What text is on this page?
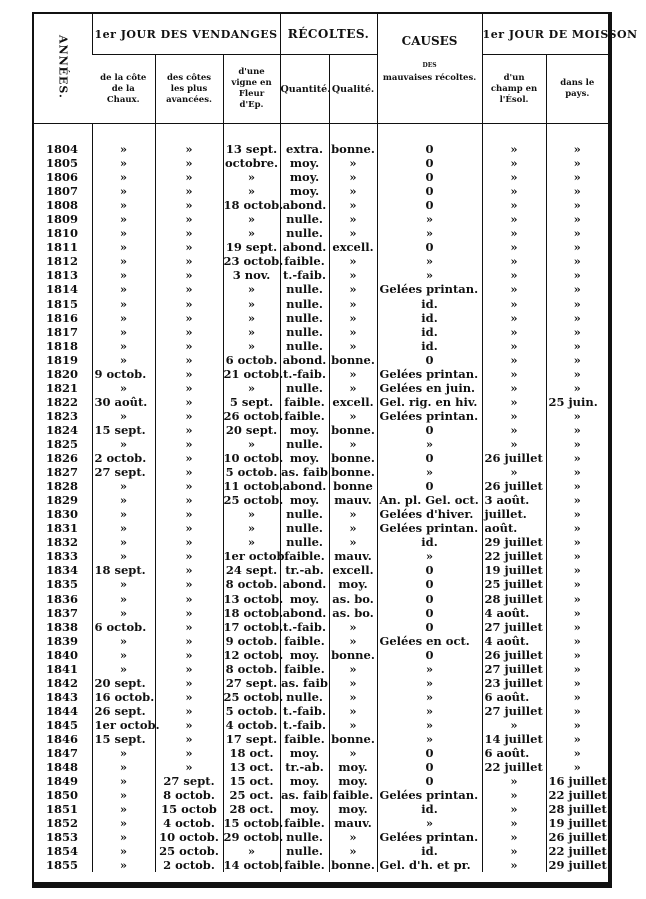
ANNÉES.	1er JOUR DES VENDANGES			RÉCOLTES.		CAUSES
DES
mauvaises récoltes.	1er JOUR DE MOISSON	

	de la côte de la Chaux.	des côtes les plus avancées.	d'une vigne en Fleur d'Ep.	Quantité.	Qualité.		d'un champ en l'Ésol.	dans le pays.

1804	»	»	13 sept.	extra.	bonne.	0	»	»
1805	»	»	octobre.	moy.	»	0	»	»
1806	»	»	»	moy.	»	0	»	»
1807	»	»	»	moy.	»	0	»	»
1808	»	»	18 octob.	abond.	»	0	»	»
1809	»	»	»	nulle.	»	»	»	»
1810	»	»	»	nulle.	»	»	»	»
1811	»	»	19 sept.	abond.	excell.	0	»	»
1812	»	»	23 octob.	faible.	»	»	»	»
1813	»	»	3 nov.	t.-faib.	»	»	»	»
1814	»	»	»	nulle.	»	Gelées printan.	»	»
1815	»	»	»	nulle.	»	id.	»	»
1816	»	»	»	nulle.	»	id.	»	»
1817	»	»	»	nulle.	»	id.	»	»
1818	»	»	»	nulle.	»	id.	»	»
1819	»	»	6 octob.	abond.	bonne.	0	»	»
1820	9 octob.	»	21 octob.	t.-faib.	»	Gelées printan.	»	»
1821	»	»	»	nulle.	»	Gelées en juin.	»	»
1822	30 août.	»	5 sept.	faible.	excell.	Gel. rig. en hiv.	»	25 juin.
1823	»	»	26 octob.	faible.	»	Gelées printan.	»	»
1824	15 sept.	»	20 sept.	moy.	bonne.	0	»	»
1825	»	»	»	nulle.	»	»	»	»
1826	2 octob.	»	10 octob.	moy.	bonne.	0	26 juillet	»
1827	27 sept.	»	5 octob.	as. faib	bonne.	»	»	»
1828	»	»	11 octob.	abond.	bonne	0	26 juillet	»
1829	»	»	25 octob.	moy.	mauv.	An. pl. Gel. oct.	3 août.	»
1830	»	»	»	nulle.	»	Gelées d'hiver.	juillet.	»
1831	»	»	»	nulle.	»	Gelées printan.	août.	»
1832	»	»	»	nulle.	»	id.	29 juillet	»
1833	»	»	1er octob.	faible.	mauv.	»	22 juillet	»
1834	18 sept.	»	24 sept.	tr.-ab.	excell.	0	19 juillet	»
1835	»	»	8 octob.	abond.	moy.	0	25 juillet	»
1836	»	»	13 octob.	moy.	as. bo.	0	28 juillet	»
1837	»	»	18 octob.	abond.	as. bo.	0	4 août.	»
1838	6 octob.	»	17 octob.	t.-faib.	»	0	27 juillet	»
1839	»	»	9 octob.	faible.	»	Gelées en oct.	4 août.	»
1840	»	»	12 octob.	moy.	bonne.	0	26 juillet	»
1841	»	»	8 octob.	faible.	»	»	27 juillet	»
1842	20 sept.	»	27 sept.	as. faib	»	»	23 juillet	»
1843	16 octob.	»	25 octob.	nulle.	»	»	6 août.	»
1844	26 sept.	»	5 octob.	t.-faib.	»	»	27 juillet	»
1845	1er octob.	»	4 octob.	t.-faib.	»	»	»	»
1846	15 sept.	»	17 sept.	faible.	bonne.	»	14 juillet	»
1847	»	»	18 oct.	moy.	»	0	6 août.	»
1848	»	»	13 oct.	tr.-ab.	moy.	0	22 juillet	»
1849	»	27 sept.	15 oct.	moy.	moy.	0	»	16 juillet
1850	»	8 octob.	25 oct.	as. faib	faible.	Gelées printan.	»	22 juillet
1851	»	15 octob	28 oct.	moy.	moy.	id.	»	28 juillet
1852	»	4 octob.	15 octob.	faible.	mauv.	»	»	19 juillet
1853	»	10 octob.	29 octob.	nulle.	»	Gelées printan.	»	26 juillet
1854	»	25 octob.	»	nulle.	»	id.	»	22 juillet
1855	»	2 octob.	14 octob.	faible.	bonne.	Gel. d'h. et pr.	»	29 juillet
